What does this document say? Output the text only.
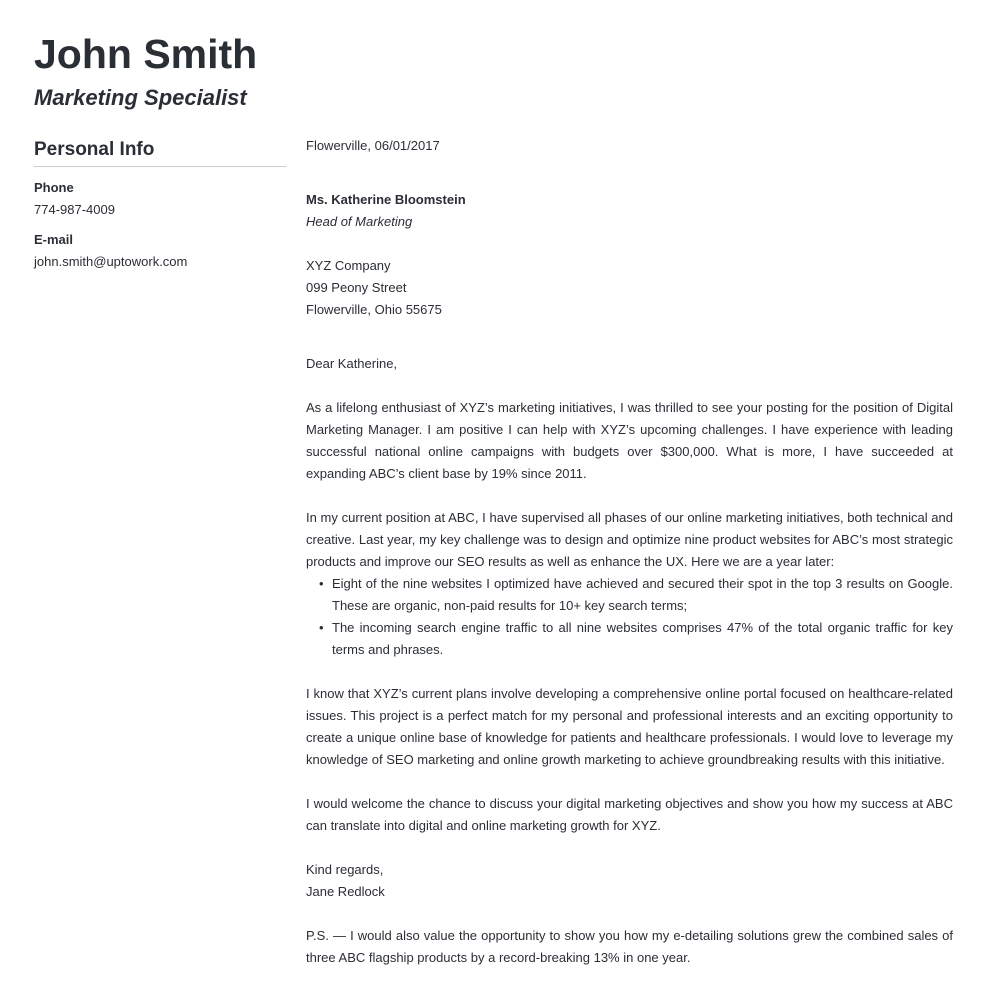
John Smith
Marketing Specialist
Personal Info

Phone

774-987-4009

E-mail

john.smith@uptowork.com

Flowerville, 06/01/2017

Ms. Katherine Bloomstein

Head of Marketing

XYZ Company

099 Peony Street

Flowerville, Ohio 55675

Dear Katherine,

As a lifelong enthusiast of XYZ’s marketing initiatives, I was thrilled to see your posting for the position of Digital Marketing Manager. I am positive I can help with XYZ’s upcoming challenges. I have experience with leading successful national online campaigns with budgets over $300,000. What is more, I have succeeded at expanding ABC’s client base by 19% since 2011.

In my current position at ABC, I have supervised all phases of our online marketing initiatives, both technical and creative. Last year, my key challenge was to design and optimize nine product websites for ABC’s most strategic products and improve our SEO results as well as enhance the UX. Here we are a year later:

• Eight of the nine websites I optimized have achieved and secured their spot in the top 3 results on Google. These are organic, non-paid results for 10+ key search terms;
• The incoming search engine traffic to all nine websites comprises 47% of the total organic traffic for key terms and phrases.

I know that XYZ’s current plans involve developing a comprehensive online portal focused on healthcare-related issues. This project is a perfect match for my personal and professional interests and an exciting opportunity to create a unique online base of knowledge for patients and healthcare professionals. I would love to leverage my knowledge of SEO marketing and online growth marketing to achieve groundbreaking results with this initiative.

I would welcome the chance to discuss your digital marketing objectives and show you how my success at ABC can translate into digital and online marketing growth for XYZ.

Kind regards,

Jane Redlock

P.S. — I would also value the opportunity to show you how my e-detailing solutions grew the combined sales of three ABC flagship products by a record-breaking 13% in one year.
